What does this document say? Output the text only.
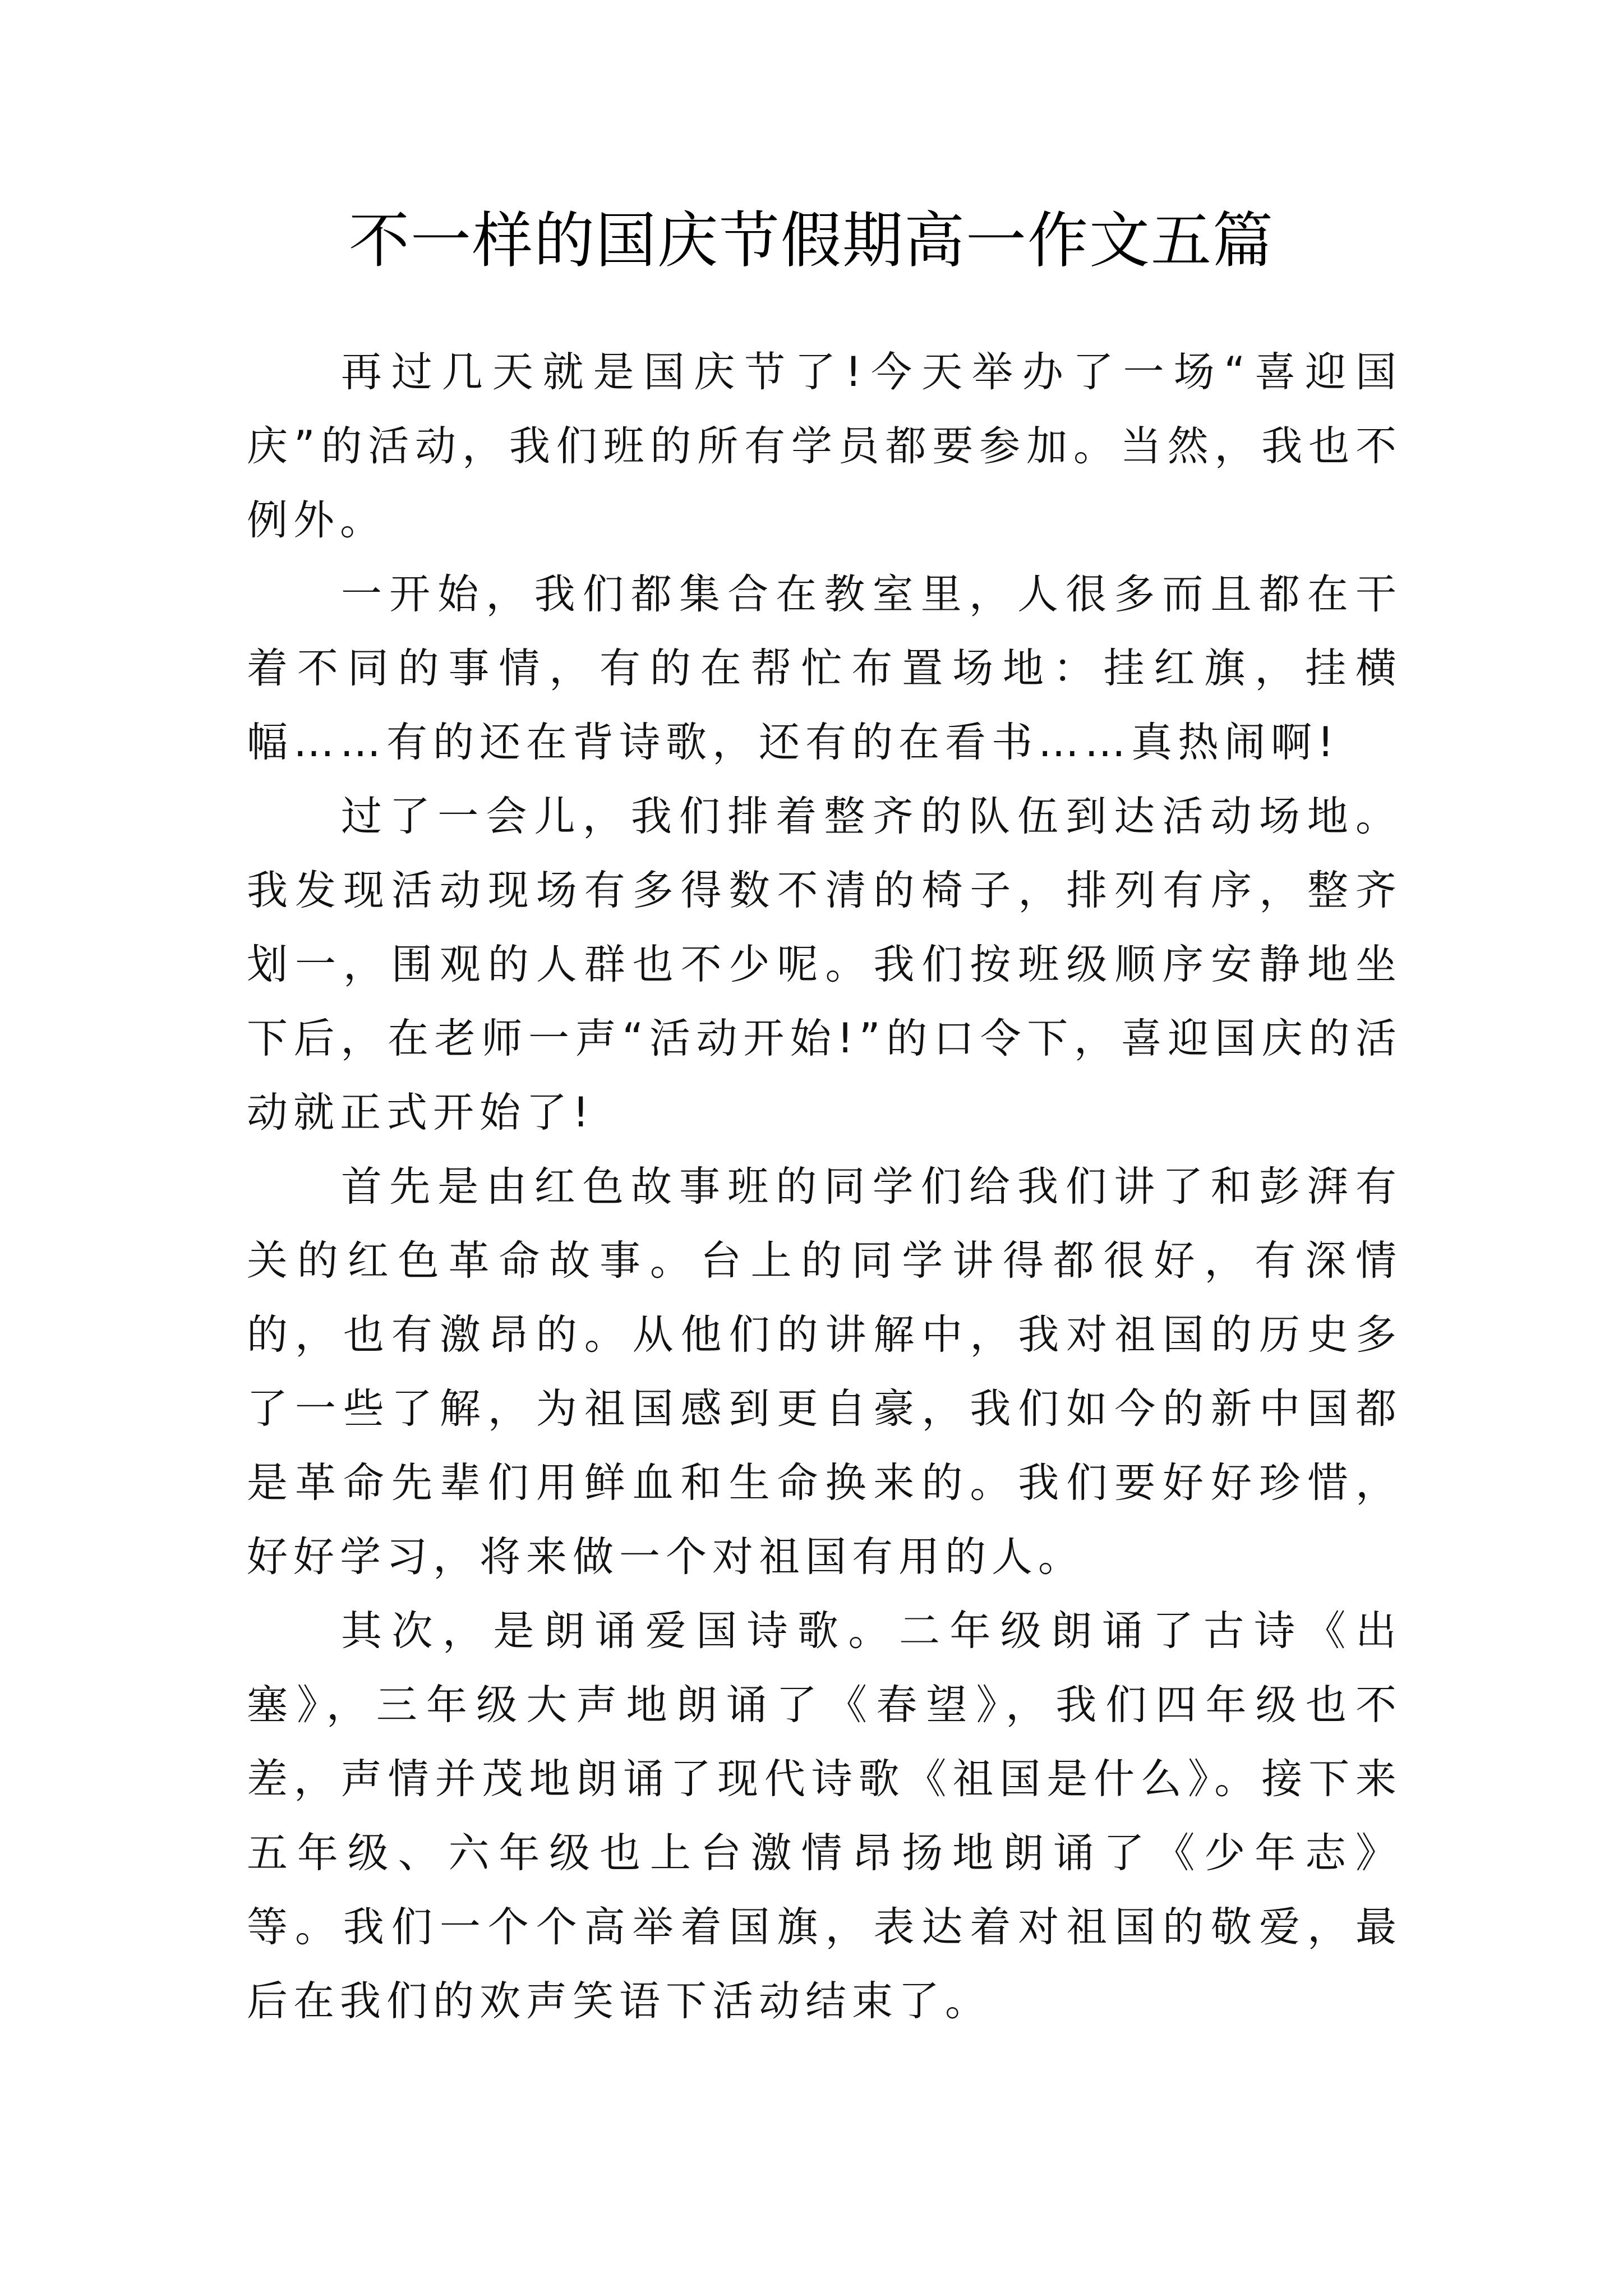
不一样的国庆节假期高一作文五篇

再过几天就是国庆节了!今天举办了一场“喜迎国庆”的活动，我们班的所有学员都要参加。当然，我也不例外。

一开始，我们都集合在教室里，人很多而且都在干着不同的事情，有的在帮忙布置场地：挂红旗，挂横幅……有的还在背诗歌，还有的在看书……真热闹啊!

过了一会儿，我们排着整齐的队伍到达活动场地。我发现活动现场有多得数不清的椅子，排列有序，整齐划一，围观的人群也不少呢。我们按班级顺序安静地坐下后，在老师一声“活动开始!”的口令下，喜迎国庆的活动就正式开始了!

首先是由红色故事班的同学们给我们讲了和彭湃有关的红色革命故事。台上的同学讲得都很好，有深情的，也有激昂的。从他们的讲解中，我对祖国的历史多了一些了解，为祖国感到更自豪，我们如今的新中国都是革命先辈们用鲜血和生命换来的。我们要好好珍惜，好好学习，将来做一个对祖国有用的人。

其次，是朗诵爱国诗歌。二年级朗诵了古诗《出塞》，三年级大声地朗诵了《春望》，我们四年级也不差，声情并茂地朗诵了现代诗歌《祖国是什么》。接下来五年级、六年级也上台激情昂扬地朗诵了《少年志》等。我们一个个高举着国旗，表达着对祖国的敬爱，最后在我们的欢声笑语下活动结束了。
